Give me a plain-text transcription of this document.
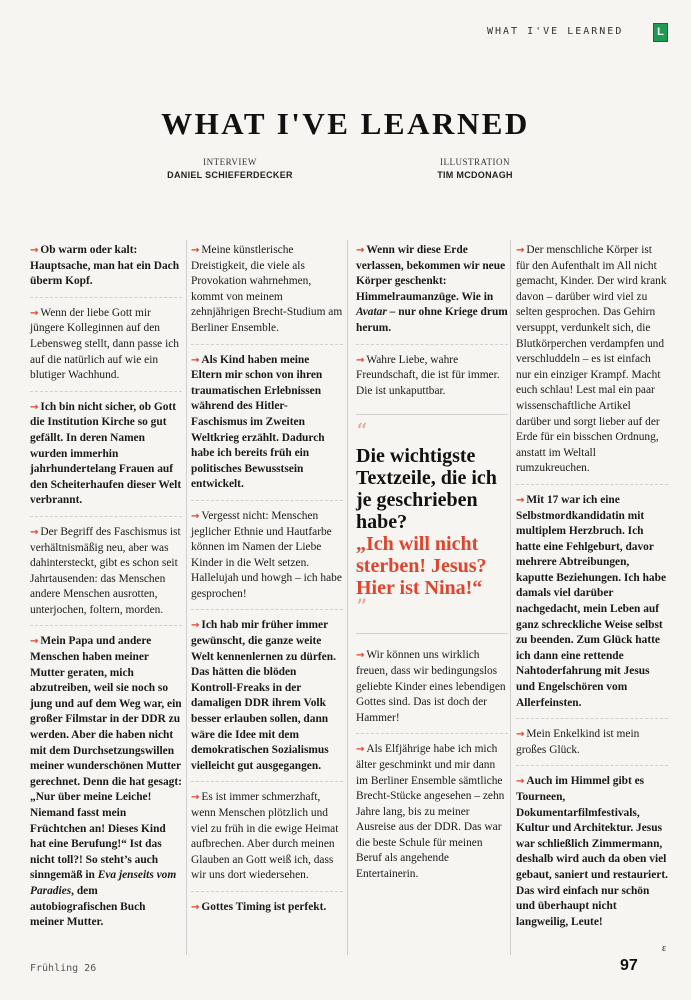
WHAT I'VE LEARNED	L
WHAT I'VE LEARNED
INTERVIEW
DANIEL SCHIEFERDECKER
ILLUSTRATION
TIM MCDONAGH
→ Ob warm oder kalt: Hauptsache, man hat ein Dach überm Kopf.
→ Wenn der liebe Gott mir jüngere Kolleginnen auf den Lebensweg stellt, dann passe ich auf die natürlich auf wie ein blutiger Wachhund.
→ Ich bin nicht sicher, ob Gott die Institution Kirche so gut gefällt. In deren Namen wurden immerhin jahrhundertelang Frauen auf den Scheiterhaufen dieser Welt verbrannt.
→ Der Begriff des Faschismus ist verhältnismäßig neu, aber was dahintersteckt, gibt es schon seit Jahrtausenden: das Menschen andere Menschen ausrotten, unterjochen, foltern, morden.
→ Mein Papa und andere Menschen haben meiner Mutter geraten, mich abzutreiben, weil sie noch so jung und auf dem Weg war, ein großer Filmstar in der DDR zu werden. Aber die haben nicht mit dem Durchsetzungswillen meiner wunderschönen Mutter gerechnet. Denn die hat gesagt: „Nur über meine Leiche! Niemand fasst mein Früchtchen an! Dieses Kind hat eine Berufung!“ Ist das nicht toll?! So steht’s auch sinngemäß in Eva jenseits vom Paradies, dem autobiografischen Buch meiner Mutter.
→ Meine künstlerische Dreistigkeit, die viele als Provokation wahrnehmen, kommt von meinem zehnjährigen Brecht-Studium am Berliner Ensemble.
→ Als Kind haben meine Eltern mir schon von ihren traumatischen Erlebnissen während des Hitler-Faschismus im Zweiten Weltkrieg erzählt. Dadurch habe ich bereits früh ein politisches Bewusstsein entwickelt.
→ Vergesst nicht: Menschen jeglicher Ethnie und Hautfarbe können im Namen der Liebe Kinder in die Welt setzen. Hallelujah und howgh – ich habe gesprochen!
→ Ich hab mir früher immer gewünscht, die ganze weite Welt kennenlernen zu dürfen. Das hätten die blöden Kontroll-Freaks in der damaligen DDR ihrem Volk besser erlauben sollen, dann wäre die Idee mit dem demokratischen Sozialismus vielleicht gut ausgegangen.
→ Es ist immer schmerzhaft, wenn Menschen plötzlich und viel zu früh in die ewige Heimat aufbrechen. Aber durch meinen Glauben an Gott weiß ich, dass wir uns dort wiedersehen.
→ Gottes Timing ist perfekt.
→ Wenn wir diese Erde verlassen, bekommen wir neue Körper geschenkt: Himmelraumanzüge. Wie in Avatar – nur ohne Kriege drum herum.
→ Wahre Liebe, wahre Freundschaft, die ist für immer. Die ist unkaputtbar.
“
Die wichtigste Textzeile, die ich je geschrieben habe?
„Ich will nicht sterben! Jesus? Hier ist Nina!“
”
→ Wir können uns wirklich freuen, dass wir bedingungslos geliebte Kinder eines lebendigen Gottes sind. Das ist doch der Hammer!
→ Als Elfjährige habe ich mich älter geschminkt und mir dann im Berliner Ensemble sämtliche Brecht-Stücke angesehen – zehn Jahre lang, bis zu meiner Ausreise aus der DDR. Das war die beste Schule für meinen Beruf als angehende Entertainerin.
→ Der menschliche Körper ist für den Aufenthalt im All nicht gemacht, Kinder. Der wird krank davon – darüber wird viel zu selten gesprochen. Das Gehirn versuppt, verdunkelt sich, die Blutkörperchen verdampfen und verschluddeln – es ist einfach nur ein einziger Krampf. Macht euch schlau! Lest mal ein paar wissenschaftliche Artikel darüber und sorgt lieber auf der Erde für ein bisschen Ordnung, anstatt im Weltall rumzukreuchen.
→ Mit 17 war ich eine Selbstmordkandidatin mit multiplem Herzbruch. Ich hatte eine Fehlgeburt, davor mehrere Abtreibungen, kaputte Beziehungen. Ich habe damals viel darüber nachgedacht, mein Leben auf ganz schreckliche Weise selbst zu beenden. Zum Glück hatte ich dann eine rettende Nahtoderfahrung mit Jesus und Engelschören vom Allerfeinsten.
→ Mein Enkelkind ist mein großes Glück.
→ Auch im Himmel gibt es Tourneen, Dokumentarfilmfestivals, Kultur und Architektur. Jesus war schließlich Zimmermann, deshalb wird auch da oben viel gebaut, saniert und restauriert. Das wird einfach nur schön und überhaupt nicht langweilig, Leute!
ɛ
Frühling 26	97
